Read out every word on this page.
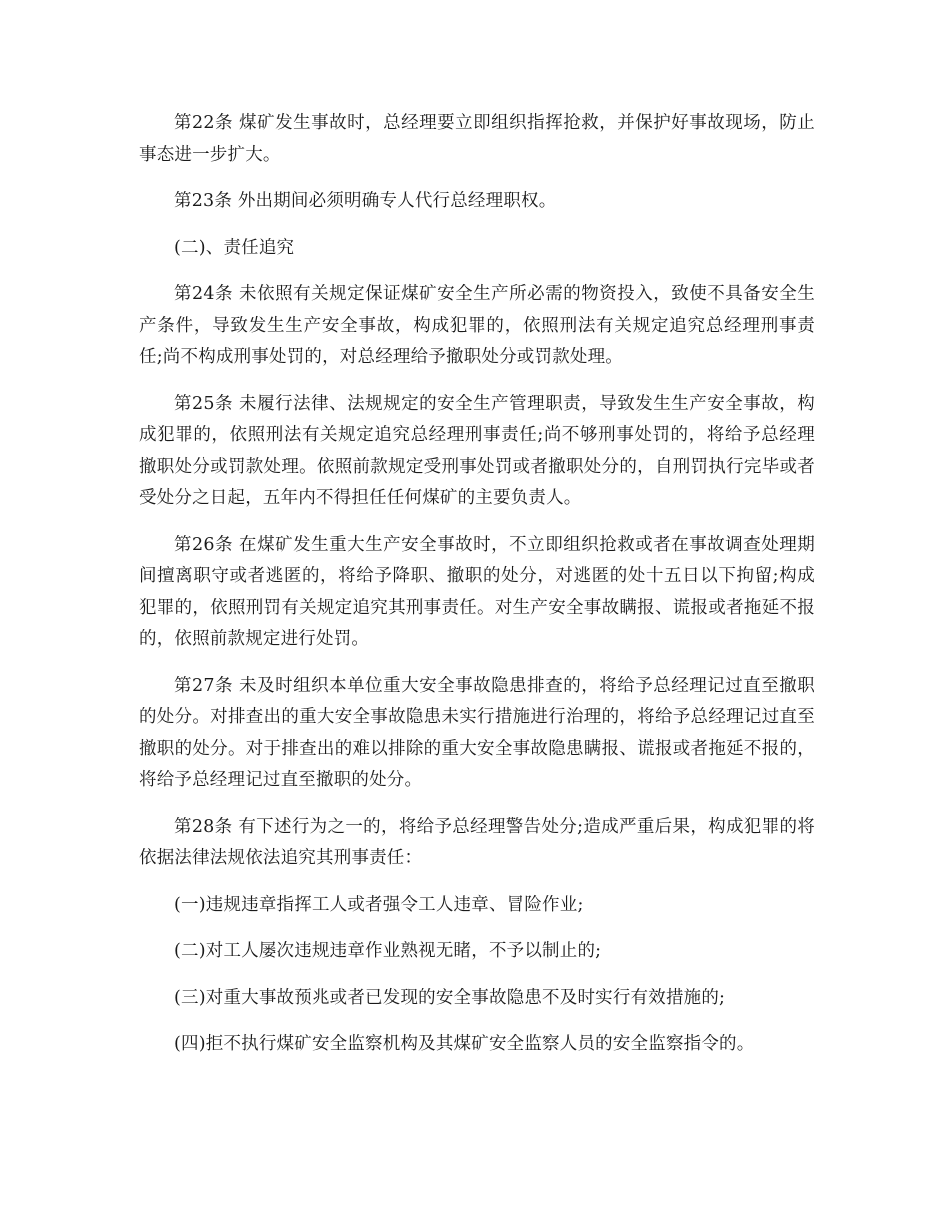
第22条 煤矿发生事故时，总经理要立即组织指挥抢救，并保护好事故现场，防止事态进一步扩大。

第23条 外出期间必须明确专人代行总经理职权。

(二)、责任追究

第24条 未依照有关规定保证煤矿安全生产所必需的物资投入，致使不具备安全生产条件，导致发生生产安全事故，构成犯罪的，依照刑法有关规定追究总经理刑事责任;尚不构成刑事处罚的，对总经理给予撤职处分或罚款处理。

第25条 未履行法律、法规规定的安全生产管理职责，导致发生生产安全事故，构成犯罪的，依照刑法有关规定追究总经理刑事责任;尚不够刑事处罚的，将给予总经理撤职处分或罚款处理。依照前款规定受刑事处罚或者撤职处分的，自刑罚执行完毕或者受处分之日起，五年内不得担任任何煤矿的主要负责人。

第26条 在煤矿发生重大生产安全事故时，不立即组织抢救或者在事故调查处理期间擅离职守或者逃匿的，将给予降职、撤职的处分，对逃匿的处十五日以下拘留;构成犯罪的，依照刑罚有关规定追究其刑事责任。对生产安全事故瞒报、谎报或者拖延不报的，依照前款规定进行处罚。

第27条 未及时组织本单位重大安全事故隐患排查的，将给予总经理记过直至撤职的处分。对排查出的重大安全事故隐患未实行措施进行治理的，将给予总经理记过直至撤职的处分。对于排查出的难以排除的重大安全事故隐患瞒报、谎报或者拖延不报的，将给予总经理记过直至撤职的处分。

第28条 有下述行为之一的，将给予总经理警告处分;造成严重后果，构成犯罪的将依据法律法规依法追究其刑事责任：

(一)违规违章指挥工人或者强令工人违章、冒险作业;

(二)对工人屡次违规违章作业熟视无睹，不予以制止的;

(三)对重大事故预兆或者已发现的安全事故隐患不及时实行有效措施的;

(四)拒不执行煤矿安全监察机构及其煤矿安全监察人员的安全监察指令的。
